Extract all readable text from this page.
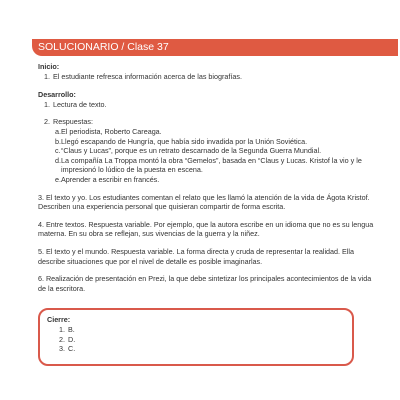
SOLUCIONARIO / Clase 37
Inicio:
1. El estudiante refresca información acerca de las biografías.
Desarrollo:
1. Lectura de texto.
2. Respuestas:
a. El periodista, Roberto Careaga.
b. Llegó escapando de Hungría, que había sido invadida por la Unión Soviética.
c. “Claus y Lucas”, porque es un retrato descarnado de la Segunda Guerra Mundial.
d. La compañía La Troppa montó la obra “Gemelos”, basada en “Claus y Lucas. Kristof la vio y le impresionó lo lúdico de la puesta en escena.
e. Aprender a escribir en francés.
3. El texto y yo. Los estudiantes comentan el relato que les llamó la atención de la vida de Ágota Kristof. Describen una experiencia personal que quisieran compartir de forma escrita.
4. Entre textos. Respuesta variable. Por ejemplo, que la autora escribe en un idioma que no es su lengua materna. En su obra se reflejan, sus vivencias de la guerra y la niñez.
5. El texto y el mundo. Respuesta variable. La forma directa y cruda de representar la realidad. Ella describe situaciones que por el nivel de detalle es posible imaginarlas.
6. Realización de presentación en Prezi, la que debe sintetizar los principales acontecimientos de la vida de la escritora.
Cierre:
1. B.
2. D.
3. C.
